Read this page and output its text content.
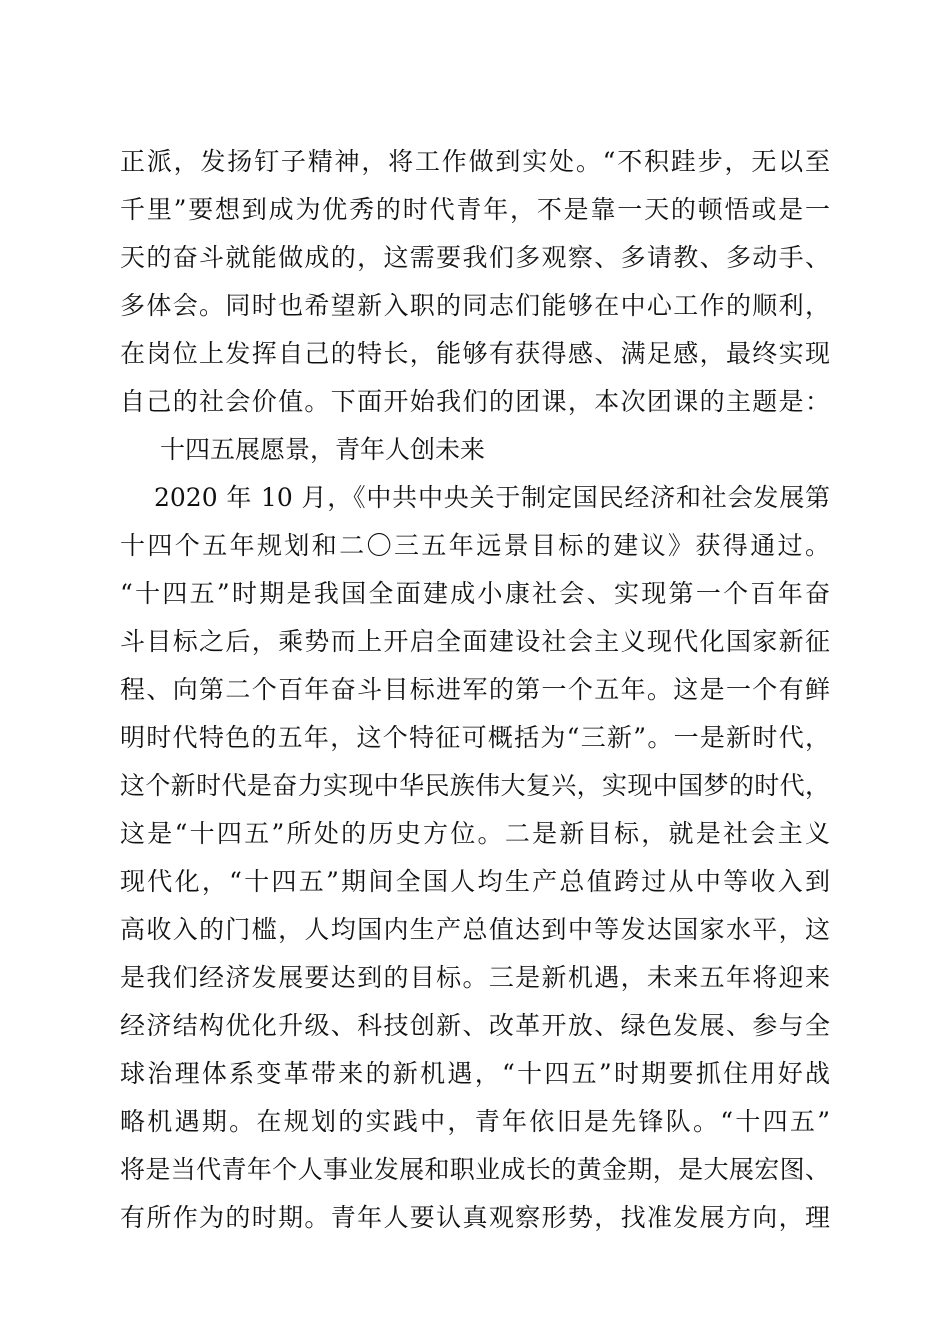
正派，发扬钉子精神，将工作做到实处。“不积跬步，无以至
千里”要想到成为优秀的时代青年，不是靠一天的顿悟或是一
天的奋斗就能做成的，这需要我们多观察、多请教、多动手、
多体会。同时也希望新入职的同志们能够在中心工作的顺利，
在岗位上发挥自己的特长，能够有获得感、满足感，最终实现
自己的社会价值。下面开始我们的团课，本次团课的主题是：
十四五展愿景，青年人创未来
2020 年 10 月，《中共中央关于制定国民经济和社会发展第
十四个五年规划和二〇三五年远景目标的建议》获得通过。
“十四五”时期是我国全面建成小康社会、实现第一个百年奋
斗目标之后，乘势而上开启全面建设社会主义现代化国家新征
程、向第二个百年奋斗目标进军的第一个五年。这是一个有鲜
明时代特色的五年，这个特征可概括为“三新”。一是新时代，
这个新时代是奋力实现中华民族伟大复兴，实现中国梦的时代，
这是“十四五”所处的历史方位。二是新目标，就是社会主义
现代化，“十四五”期间全国人均生产总值跨过从中等收入到
高收入的门槛，人均国内生产总值达到中等发达国家水平，这
是我们经济发展要达到的目标。三是新机遇，未来五年将迎来
经济结构优化升级、科技创新、改革开放、绿色发展、参与全
球治理体系变革带来的新机遇，“十四五”时期要抓住用好战
略机遇期。在规划的实践中，青年依旧是先锋队。“十四五”
将是当代青年个人事业发展和职业成长的黄金期，是大展宏图、
有所作为的时期。青年人要认真观察形势，找准发展方向，理
